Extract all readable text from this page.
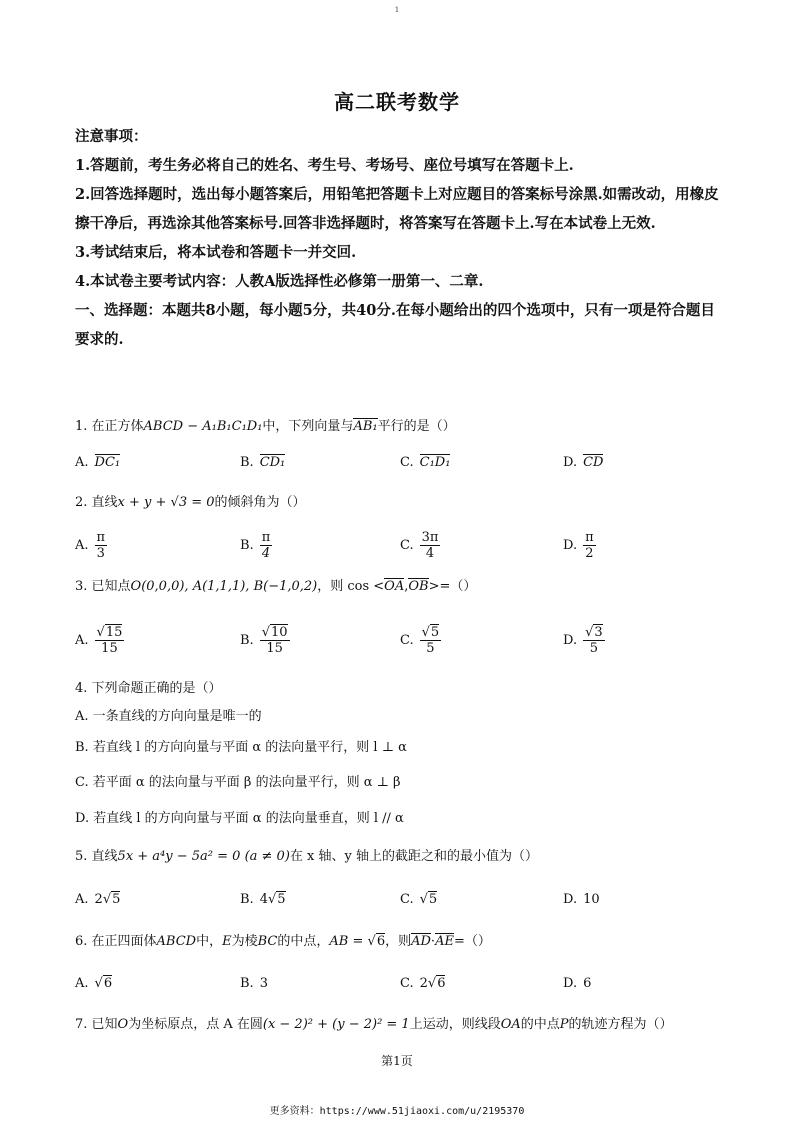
1
高二联考数学

注意事项：

1.答题前，考生务必将自己的姓名、考生号、考场号、座位号填写在答题卡上.

2.回答选择题时，选出每小题答案后，用铅笔把答题卡上对应题目的答案标号涂黑.如需改动，用橡皮擦干净后，再选涂其他答案标号.回答非选择题时，将答案写在答题卡上.写在本试卷上无效.

3.考试结束后，将本试卷和答题卡一并交回.

4.本试卷主要考试内容：人教A版选择性必修第一册第一、二章.

一、选择题：本题共8小题，每小题5分，共40分.在每小题给出的四个选项中，只有一项是符合题目要求的.

1. 在正方体ABCD − A₁B₁C₁D₁中，下列向量与AB₁平行的是（）
A. DC₁	B. CD₁	C. C₁D₁	D. CD
2. 直线x + y + √3 = 0的倾斜角为（）
A. $\frac{\pi}{3}$	B. $\frac{\pi}{4}$	C. $\frac{3\pi}{4}$	D. $\frac{\pi}{2}$
3. 已知点O(0,0,0), A(1,1,1), B(−1,0,2)，则 cos <OA,OB>=（）
A. $\frac{√15}{15}$	B. $\frac{√10}{15}$	C. $\frac{√5}{5}$	D. $\frac{√3}{5}$
4. 下列命题正确的是（）
A. 一条直线的方向向量是唯一的
B. 若直线 l 的方向向量与平面 α 的法向量平行，则 l ⊥ α
C. 若平面 α 的法向量与平面 β 的法向量平行，则 α ⊥ β
D. 若直线 l 的方向向量与平面 α 的法向量垂直，则 l // α
5. 直线5x + a⁴y − 5a² = 0 (a ≠ 0)在 x 轴、y 轴上的截距之和的最小值为（）
A. 2 √ 5	B. 4 √ 5	C. √ 5	D. 10
6. 在正四面体ABCD中，E为棱BC的中点，AB = √6，则AD·AE=（）
A. √ 6	B. 3	C. 2 √ 6	D. 6
7. 已知O为坐标原点，点 A 在圆(x − 2)² + (y − 2)² = 1上运动，则线段OA的中点P的轨迹方程为（）
第1页
更多资料：https://www.51jiaoxi.com/u/2195370
